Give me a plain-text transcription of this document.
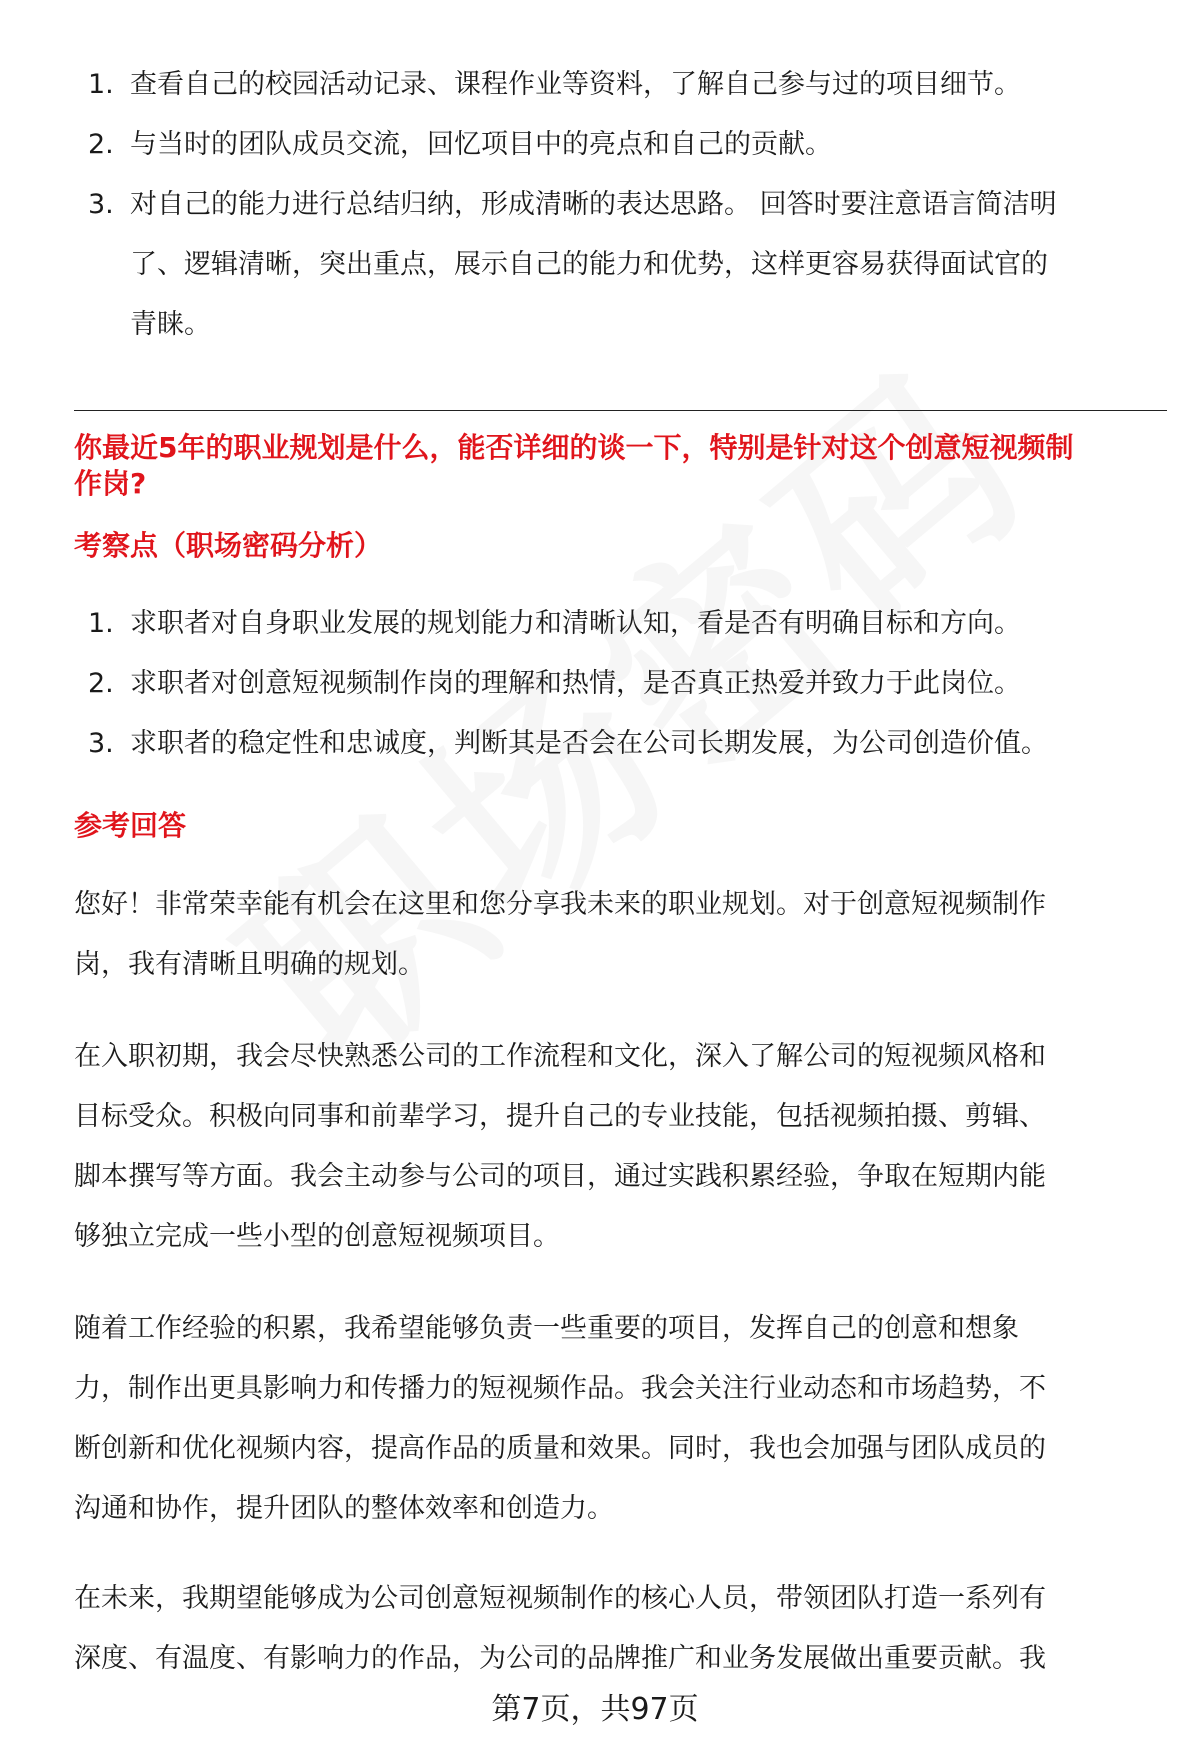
1. 查看自己的校园活动记录、课程作业等资料，了解自己参与过的项目细节。
2. 与当时的团队成员交流，回忆项目中的亮点和自己的贡献。
3. 对自己的能力进行总结归纳，形成清晰的表达思路。 回答时要注意语言简洁明
了、逻辑清晰，突出重点，展示自己的能力和优势，这样更容易获得面试官的
青睐。
你最近5年的职业规划是什么，能否详细的谈一下，特别是针对这个创意短视频制
作岗?
考察点（职场密码分析）
1. 求职者对自身职业发展的规划能力和清晰认知，看是否有明确目标和方向。
2. 求职者对创意短视频制作岗的理解和热情，是否真正热爱并致力于此岗位。
3. 求职者的稳定性和忠诚度，判断其是否会在公司长期发展，为公司创造价值。
参考回答
您好！非常荣幸能有机会在这里和您分享我未来的职业规划。对于创意短视频制作
岗，我有清晰且明确的规划。
在入职初期，我会尽快熟悉公司的工作流程和文化，深入了解公司的短视频风格和
目标受众。积极向同事和前辈学习，提升自己的专业技能，包括视频拍摄、剪辑、
脚本撰写等方面。我会主动参与公司的项目，通过实践积累经验，争取在短期内能
够独立完成一些小型的创意短视频项目。
随着工作经验的积累，我希望能够负责一些重要的项目，发挥自己的创意和想象
力，制作出更具影响力和传播力的短视频作品。我会关注行业动态和市场趋势，不
断创新和优化视频内容，提高作品的质量和效果。同时，我也会加强与团队成员的
沟通和协作，提升团队的整体效率和创造力。
在未来，我期望能够成为公司创意短视频制作的核心人员，带领团队打造一系列有
深度、有温度、有影响力的作品，为公司的品牌推广和业务发展做出重要贡献。我
第7页，共97页
